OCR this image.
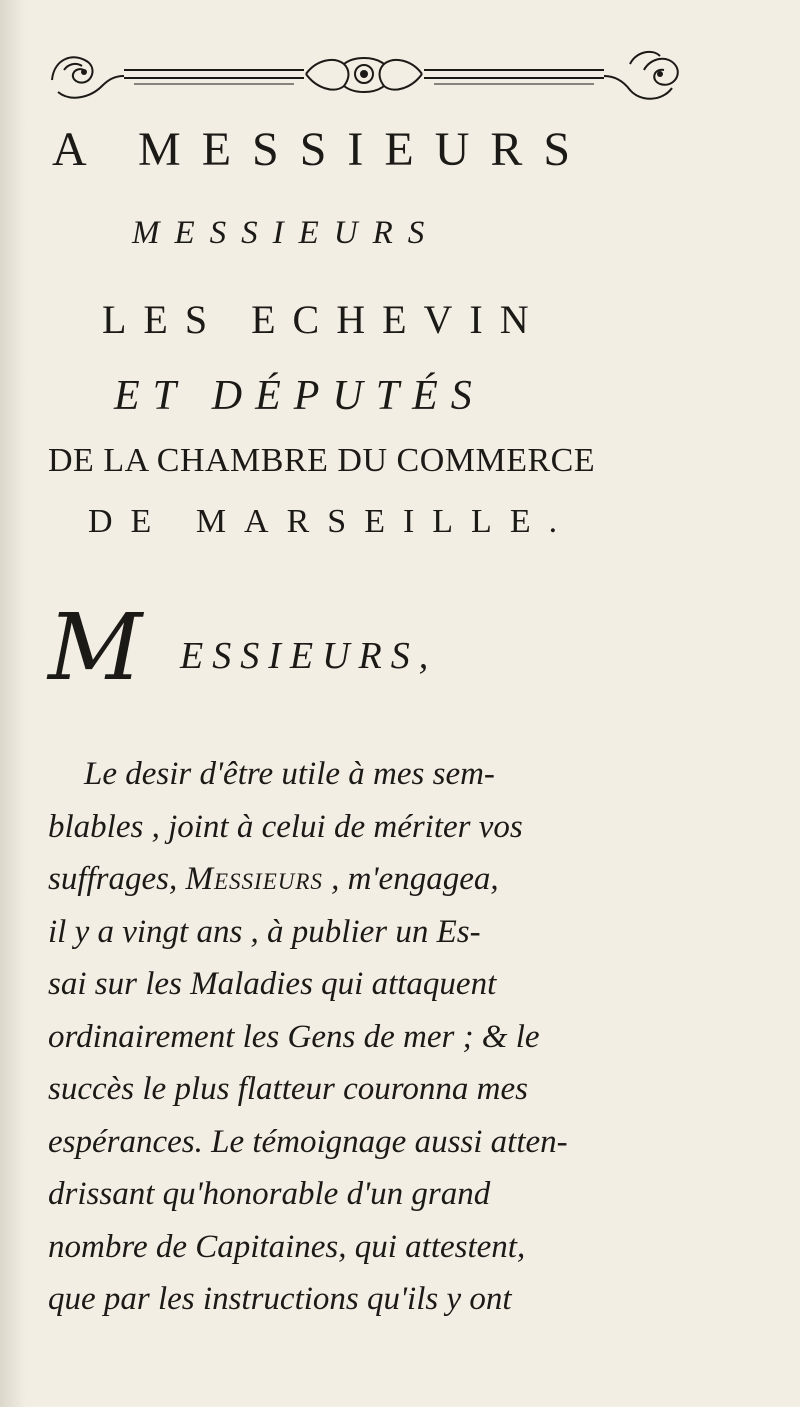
A MESSIEURS
MESSIEURS
LES ECHEVIN
ET DÉPUTÉS
DE LA CHAMBRE DU COMMERCE
DE MARSEILLE.
M ESSIEURS,

Le desir d'être utile à mes sem-

blables , joint à celui de mériter vos

suffrages, Messieurs , m'engagea,

il y a vingt ans , à publier un Es-

sai sur les Maladies qui attaquent

ordinairement les Gens de mer ; & le

succès le plus flatteur couronna mes

espérances. Le témoignage aussi atten-

drissant qu'honorable d'un grand

nombre de Capitaines, qui attestent,

que par les instructions qu'ils y ont
